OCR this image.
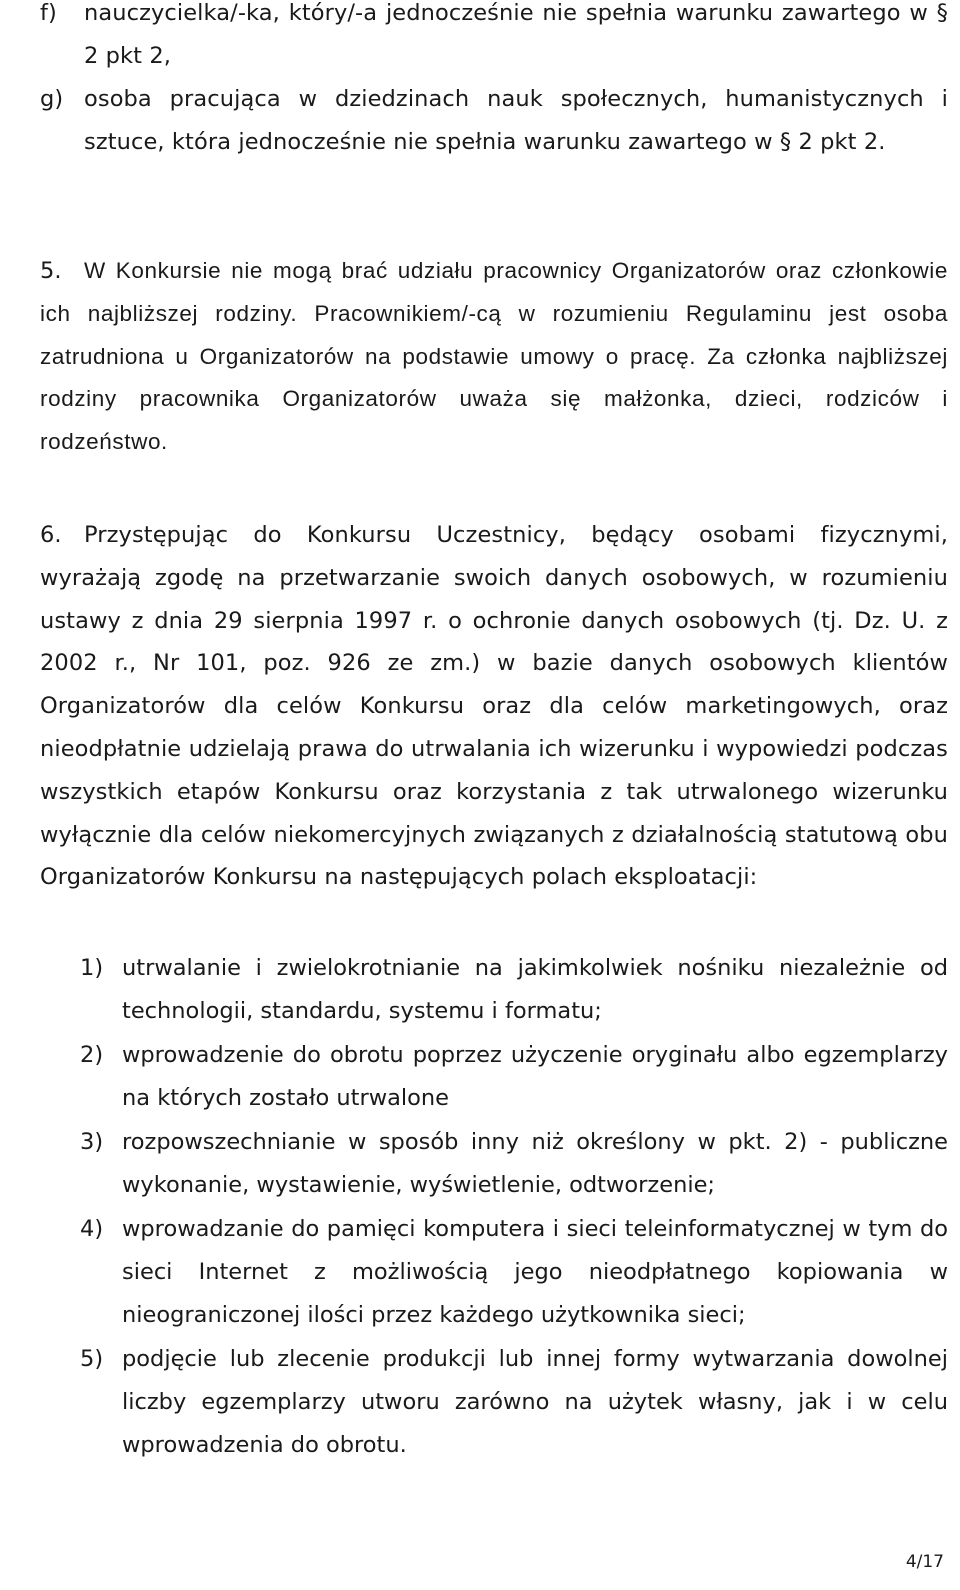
f) nauczycielka/-ka, który/-a jednocześnie nie spełnia warunku zawartego w § 2 pkt 2,

g) osoba pracująca w dziedzinach nauk społecznych, humanistycznych i sztuce, która jednocześnie nie spełnia warunku zawartego w § 2 pkt 2.

5.	W Konkursie nie mogą brać udziału pracownicy Organizatorów oraz członkowie ich najbliższej rodziny. Pracownikiem/-cą w rozumieniu Regulaminu jest osoba zatrudniona u Organizatorów na podstawie umowy o pracę. Za członka najbliższej rodziny pracownika Organizatorów uważa się małżonka, dzieci, rodziców i rodzeństwo.

6. Przystępując do Konkursu Uczestnicy, będący osobami fizycznymi, wyrażają zgodę na przetwarzanie swoich danych osobowych, w rozumieniu ustawy z dnia 29 sierpnia 1997 r. o ochronie danych osobowych (tj. Dz. U. z 2002 r., Nr 101, poz. 926 ze zm.) w bazie danych osobowych klientów Organizatorów dla celów Konkursu oraz dla celów marketingowych, oraz nieodpłatnie udzielają prawa do utrwalania ich wizerunku i wypowiedzi podczas wszystkich etapów Konkursu oraz korzystania z tak utrwalonego wizerunku wyłącznie dla celów niekomercyjnych związanych z działalnością statutową obu Organizatorów Konkursu na następujących polach eksploatacji:

1) utrwalanie i zwielokrotnianie na jakimkolwiek nośniku niezależnie od technologii, standardu, systemu i formatu;

2) wprowadzenie do obrotu poprzez użyczenie oryginału albo egzemplarzy na których zostało utrwalone

3) rozpowszechnianie w sposób inny niż określony w pkt. 2) - publiczne wykonanie, wystawienie, wyświetlenie, odtworzenie;

4) wprowadzanie do pamięci komputera i sieci teleinformatycznej w tym do sieci Internet z możliwością jego nieodpłatnego kopiowania w nieograniczonej ilości przez każdego użytkownika sieci;

5) podjęcie lub zlecenie produkcji lub innej formy wytwarzania dowolnej liczby egzemplarzy utworu zarówno na użytek własny, jak i w celu wprowadzenia do obrotu.

4/17
